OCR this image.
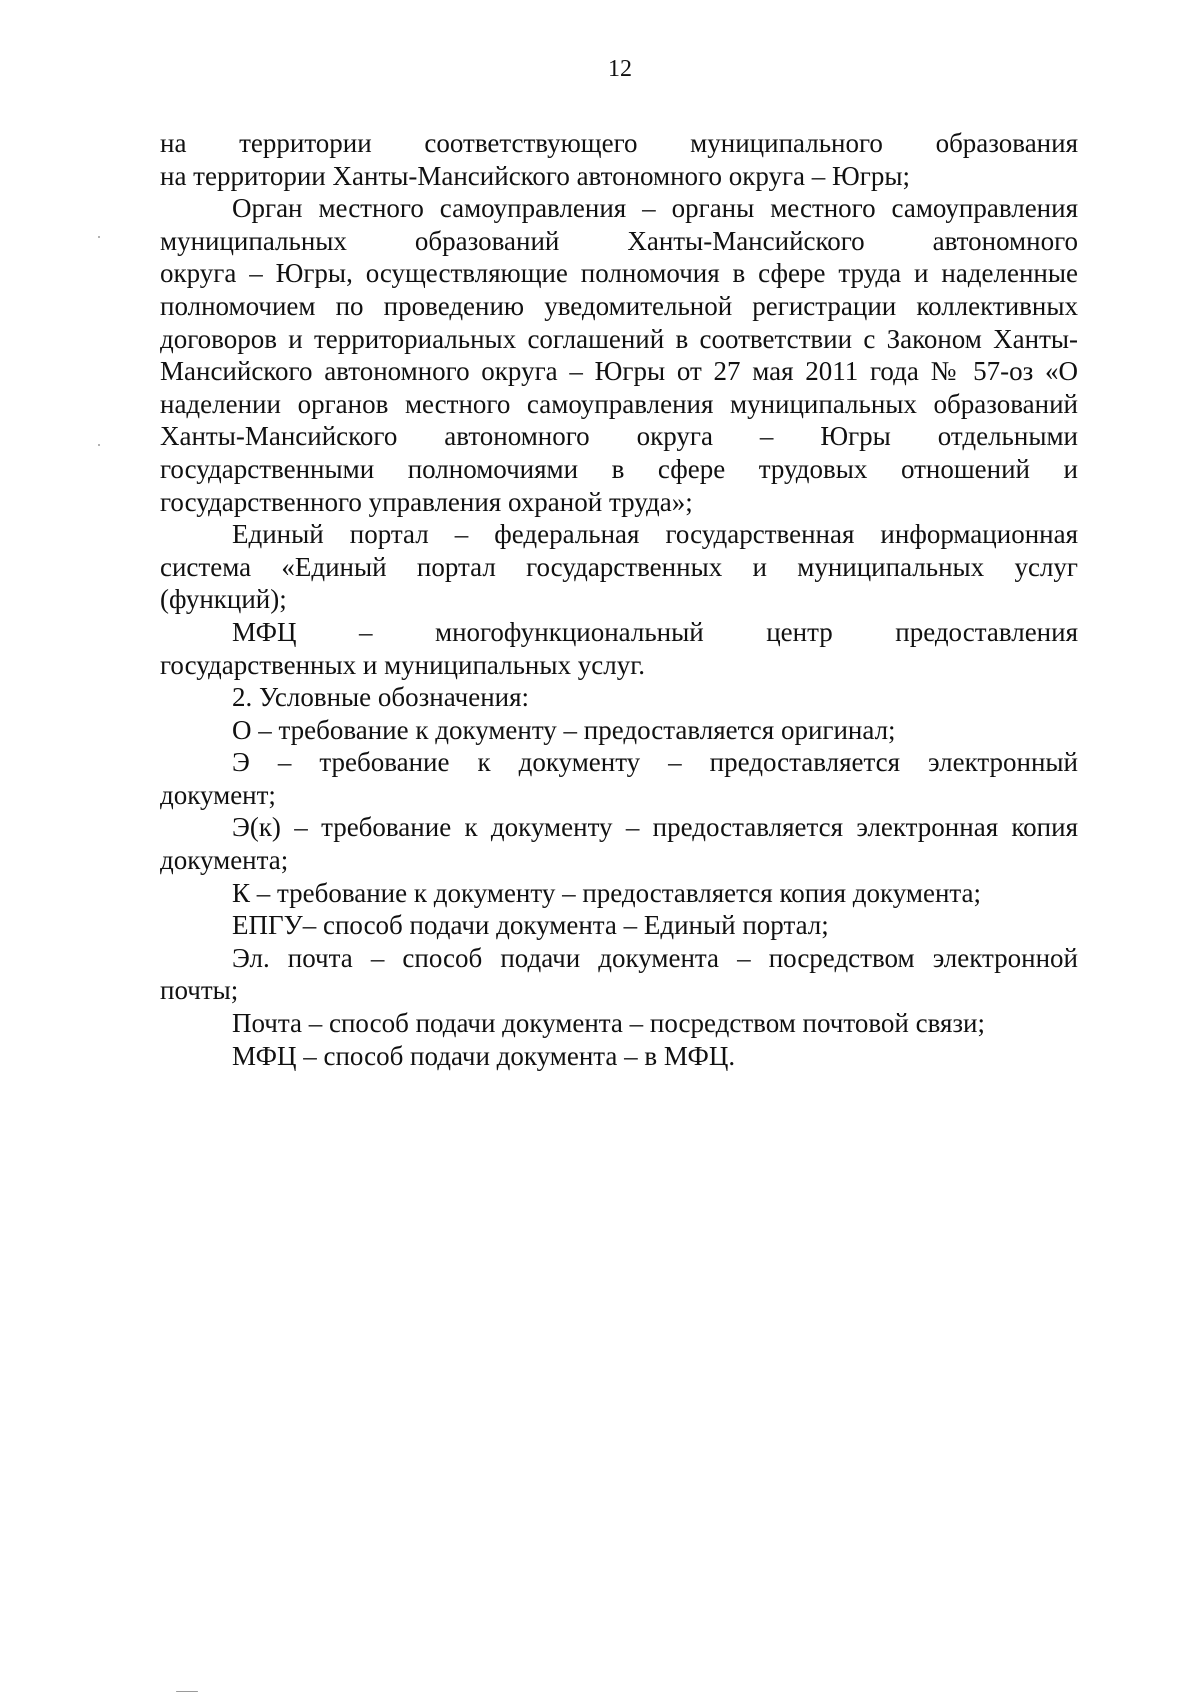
12
на территории соответствующего муниципального образования
на территории Ханты-Мансийского автономного округа – Югры;
Орган местного самоуправления – органы местного самоуправления
муниципальных образований Ханты-Мансийского автономного
округа – Югры, осуществляющие полномочия в сфере труда и наделенные
полномочием по проведению уведомительной регистрации коллективных
договоров и территориальных соглашений в соответствии с Законом Ханты-
Мансийского автономного округа – Югры от 27 мая 2011 года № 57-оз «О
наделении органов местного самоуправления муниципальных образований
Ханты-Мансийского автономного округа – Югры отдельными
государственными полномочиями в сфере трудовых отношений и
государственного управления охраной труда»;
Единый портал – федеральная государственная информационная
система «Единый портал государственных и муниципальных услуг
(функций);
МФЦ – многофункциональный центр предоставления
государственных и муниципальных услуг.
2. Условные обозначения:
О – требование к документу – предоставляется оригинал;
Э – требование к документу – предоставляется электронный
документ;
Э(к) – требование к документу – предоставляется электронная копия
документа;
К – требование к документу – предоставляется копия документа;
ЕПГУ– способ подачи документа – Единый портал;
Эл. почта – способ подачи документа – посредством электронной
почты;
Почта – способ подачи документа – посредством почтовой связи;
МФЦ – способ подачи документа – в МФЦ.
